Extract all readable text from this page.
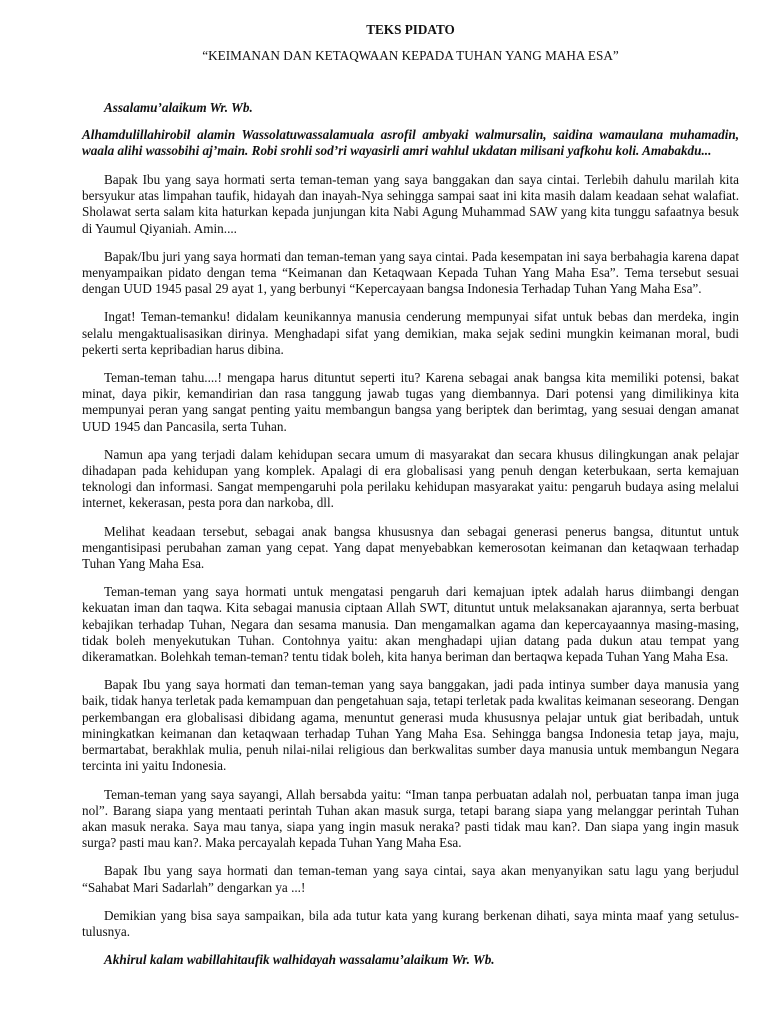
TEKS PIDATO

“KEIMANAN DAN KETAQWAAN KEPADA TUHAN YANG MAHA ESA”

Assalamu’alaikum Wr. Wb.

Alhamdulillahirobil alamin Wassolatuwassalamuala asrofil ambyaki walmursalin, saidina wamaulana muhamadin, waala alihi wassobihi aj’main. Robi srohli sod’ri wayasirli amri wahlul ukdatan milisani yafkohu koli. Amabakdu...

Bapak Ibu yang saya hormati serta teman-teman yang saya banggakan dan saya cintai. Terlebih dahulu marilah kita bersyukur atas limpahan taufik, hidayah dan inayah-Nya sehingga sampai saat ini kita masih dalam keadaan sehat walafiat. Sholawat serta salam kita haturkan kepada junjungan kita Nabi Agung Muhammad SAW yang kita tunggu safaatnya besuk di Yaumul Qiyaniah. Amin....

Bapak/Ibu juri yang saya hormati dan teman-teman yang saya cintai. Pada kesempatan ini saya berbahagia karena dapat menyampaikan pidato dengan tema “Keimanan dan Ketaqwaan Kepada Tuhan Yang Maha Esa”. Tema tersebut sesuai dengan UUD 1945 pasal 29 ayat 1, yang berbunyi “Kepercayaan bangsa Indonesia Terhadap Tuhan Yang Maha Esa”.

Ingat! Teman-temanku! didalam keunikannya manusia cenderung mempunyai sifat untuk bebas dan merdeka, ingin selalu mengaktualisasikan dirinya. Menghadapi sifat yang demikian, maka sejak sedini mungkin keimanan moral, budi pekerti serta kepribadian harus dibina.

Teman-teman tahu....! mengapa harus dituntut seperti itu? Karena sebagai anak bangsa kita memiliki potensi, bakat minat, daya pikir, kemandirian dan rasa tanggung jawab tugas yang diembannya. Dari potensi yang dimilikinya kita mempunyai peran yang sangat penting yaitu membangun bangsa yang beriptek dan berimtag, yang sesuai dengan amanat UUD 1945 dan Pancasila, serta Tuhan.

Namun apa yang terjadi dalam kehidupan secara umum di masyarakat dan secara khusus dilingkungan anak pelajar dihadapan pada kehidupan yang komplek. Apalagi di era globalisasi yang penuh dengan keterbukaan, serta kemajuan teknologi dan informasi. Sangat mempengaruhi pola perilaku kehidupan masyarakat yaitu: pengaruh budaya asing melalui internet, kekerasan, pesta pora dan narkoba, dll.

Melihat keadaan tersebut, sebagai anak bangsa khususnya dan sebagai generasi penerus bangsa, dituntut untuk mengantisipasi perubahan zaman yang cepat. Yang dapat menyebabkan kemerosotan keimanan dan ketaqwaan terhadap Tuhan Yang Maha Esa.

Teman-teman yang saya hormati untuk mengatasi pengaruh dari kemajuan iptek adalah harus diimbangi dengan kekuatan iman dan taqwa. Kita sebagai manusia ciptaan Allah SWT, dituntut untuk melaksanakan ajarannya, serta berbuat kebajikan terhadap Tuhan, Negara dan sesama manusia. Dan mengamalkan agama dan kepercayaannya masing-masing, tidak boleh menyekutukan Tuhan. Contohnya yaitu: akan menghadapi ujian datang pada dukun atau tempat yang dikeramatkan. Bolehkah teman-teman? tentu tidak boleh, kita hanya beriman dan bertaqwa kepada Tuhan Yang Maha Esa.

Bapak Ibu yang saya hormati dan teman-teman yang saya banggakan, jadi pada intinya sumber daya manusia yang baik, tidak hanya terletak pada kemampuan dan pengetahuan saja, tetapi terletak pada kwalitas keimanan seseorang. Dengan perkembangan era globalisasi dibidang agama, menuntut generasi muda khususnya pelajar untuk giat beribadah, untuk miningkatkan keimanan dan ketaqwaan terhadap Tuhan Yang Maha Esa. Sehingga bangsa Indonesia tetap jaya, maju, bermartabat, berakhlak mulia, penuh nilai-nilai religious dan berkwalitas sumber daya manusia untuk membangun Negara tercinta ini yaitu Indonesia.

Teman-teman yang saya sayangi, Allah bersabda yaitu: “Iman tanpa perbuatan adalah nol, perbuatan tanpa iman juga nol”. Barang siapa yang mentaati perintah Tuhan akan masuk surga, tetapi barang siapa yang melanggar perintah Tuhan akan masuk neraka. Saya mau tanya, siapa yang ingin masuk neraka? pasti tidak mau kan?. Dan siapa yang ingin masuk surga? pasti mau kan?. Maka percayalah kepada Tuhan Yang Maha Esa.

Bapak Ibu yang saya hormati dan teman-teman yang saya cintai, saya akan menyanyikan satu lagu yang berjudul “Sahabat Mari Sadarlah” dengarkan ya ...!

Demikian yang bisa saya sampaikan, bila ada tutur kata yang kurang berkenan dihati, saya minta maaf yang setulus-tulusnya.

Akhirul kalam wabillahitaufik walhidayah wassalamu’alaikum Wr. Wb.
